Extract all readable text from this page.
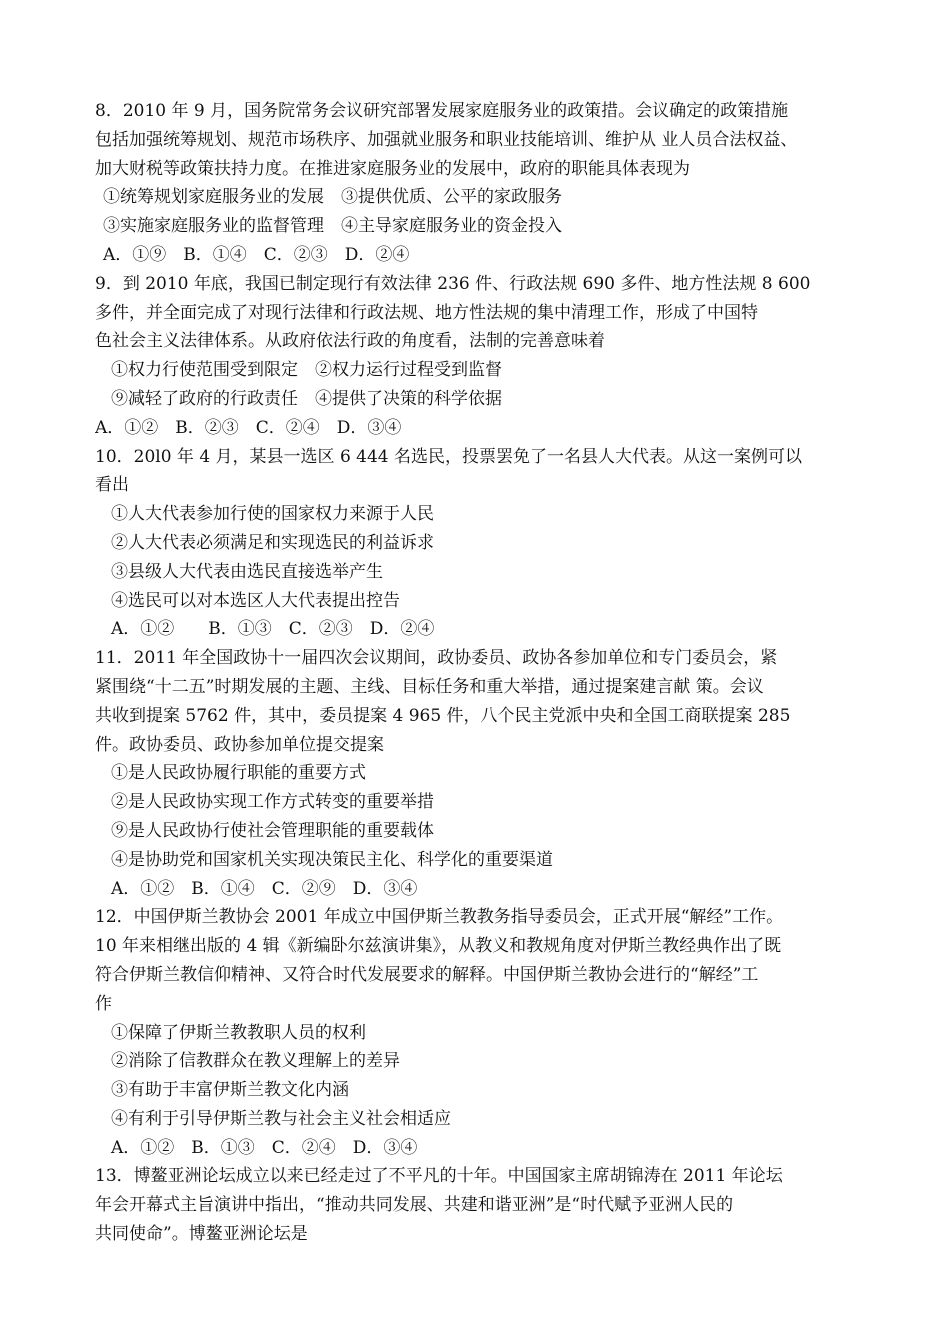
8．2010 年 9 月，国务院常务会议研究部署发展家庭服务业的政策措。会议确定的政策措施
包括加强统筹规划、规范市场秩序、加强就业服务和职业技能培训、维护从 业人员合法权益、
加大财税等政策扶持力度。在推进家庭服务业的发展中，政府的职能具体表现为
①统筹规划家庭服务业的发展　③提供优质、公平的家政服务
③实施家庭服务业的监督管理　④主导家庭服务业的资金投入
A．①⑨　B．①④　C．②③　D．②④
9．到 2010 年底，我国已制定现行有效法律 236 件、行政法规 690 多件、地方性法规 8 600
多件，并全面完成了对现行法律和行政法规、地方性法规的集中清理工作，形成了中国特
色社会主义法律体系。从政府依法行政的角度看，法制的完善意味着
①权力行使范围受到限定　②权力运行过程受到监督
⑨减轻了政府的行政责任　④提供了决策的科学依据
A．①②　B．②③　C．②④　D．③④
10．20l0 年 4 月，某县一选区 6 444 名选民，投票罢免了一名县人大代表。从这一案例可以
看出
①人大代表参加行使的国家权力来源于人民
②人大代表必须满足和实现选民的利益诉求
③县级人大代表由选民直接选举产生
④选民可以对本选区人大代表提出控告
A．①②　　B．①③　C．②③　D．②④
11．2011 年全国政协十一届四次会议期间，政协委员、政协各参加单位和专门委员会，紧
紧围绕“十二五”时期发展的主题、主线、目标任务和重大举措，通过提案建言献 策。会议
共收到提案 5762 件，其中，委员提案 4 965 件，八个民主党派中央和全国工商联提案 285
件。政协委员、政协参加单位提交提案
①是人民政协履行职能的重要方式
②是人民政协实现工作方式转变的重要举措
⑨是人民政协行使社会管理职能的重要载体
④是协助党和国家机关实现决策民主化、科学化的重要渠道
A．①②　B．①④　C．②⑨　D．③④
12．中国伊斯兰教协会 2001 年成立中国伊斯兰教教务指导委员会，正式开展“解经”工作。
10 年来相继出版的 4 辑《新编卧尔兹演讲集》，从教义和教规角度对伊斯兰教经典作出了既
符合伊斯兰教信仰精神、又符合时代发展要求的解释。中国伊斯兰教协会进行的“解经”工
作
①保障了伊斯兰教教职人员的权利
②消除了信教群众在教义理解上的差异
③有助于丰富伊斯兰教文化内涵
④有利于引导伊斯兰教与社会主义社会相适应
A．①②　B．①③　C．②④　D．③④
13．博鳌亚洲论坛成立以来已经走过了不平凡的十年。中国国家主席胡锦涛在 2011 年论坛
年会开幕式主旨演讲中指出，“推动共同发展、共建和谐亚洲”是“时代赋予亚洲人民的
共同使命”。博鳌亚洲论坛是
